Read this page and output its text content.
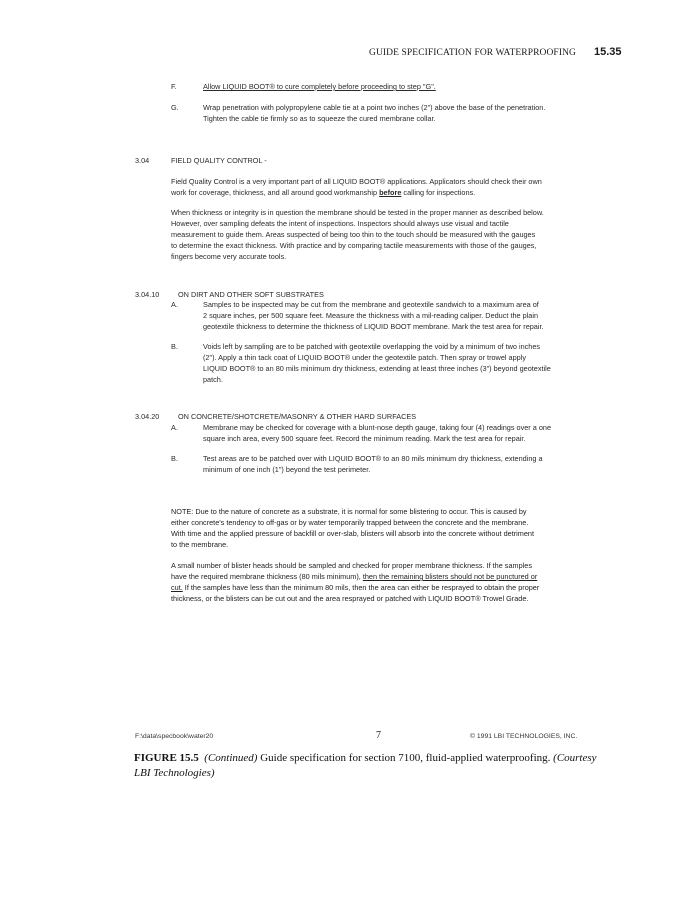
GUIDE SPECIFICATION FOR WATERPROOFING 15.35
F.	Allow LIQUID BOOT® to cure completely before proceeding to step "G".
G.	Wrap penetration with polypropylene cable tie at a point two inches (2") above the base of the penetration.
Tighten the cable tie firmly so as to squeeze the cured membrane collar.
3.04	FIELD QUALITY CONTROL -
Field Quality Control is a very important part of all LIQUID BOOT® applications. Applicators should check their own
work for coverage, thickness, and all around good workmanship before calling for inspections.
When thickness or integrity is in question the membrane should be tested in the proper manner as described below.
However, over sampling defeats the intent of inspections. Inspectors should always use visual and tactile
measurement to guide them. Areas suspected of being too thin to the touch should be measured with the gauges
to determine the exact thickness. With practice and by comparing tactile measurements with those of the gauges,
fingers become very accurate tools.
3.04.10	ON DIRT AND OTHER SOFT SUBSTRATES
A.	Samples to be inspected may be cut from the membrane and geotextile sandwich to a maximum area of
2 square inches, per 500 square feet. Measure the thickness with a mil-reading caliper. Deduct the plain
geotextile thickness to determine the thickness of LIQUID BOOT membrane. Mark the test area for repair.
B.	Voids left by sampling are to be patched with geotextile overlapping the void by a minimum of two inches
(2"). Apply a thin tack coat of LIQUID BOOT® under the geotextile patch. Then spray or trowel apply
LIQUID BOOT® to an 80 mils minimum dry thickness, extending at least three inches (3") beyond geotextile
patch.
3.04.20	ON CONCRETE/SHOTCRETE/MASONRY & OTHER HARD SURFACES
A.	Membrane may be checked for coverage with a blunt-nose depth gauge, taking four (4) readings over a one
square inch area, every 500 square feet. Record the minimum reading. Mark the test area for repair.
B.	Test areas are to be patched over with LIQUID BOOT® to an 80 mils minimum dry thickness, extending a
minimum of one inch (1") beyond the test perimeter.
NOTE: Due to the nature of concrete as a substrate, it is normal for some blistering to occur. This is caused by
either concrete's tendency to off-gas or by water temporarily trapped between the concrete and the membrane.
With time and the applied pressure of backfill or over-slab, blisters will absorb into the concrete without detriment
to the membrane.
A small number of blister heads should be sampled and checked for proper membrane thickness. If the samples
have the required membrane thickness (80 mils minimum), then the remaining blisters should not be punctured or
cut. If the samples have less than the minimum 80 mils, then the area can either be resprayed to obtain the proper
thickness, or the blisters can be cut out and the area resprayed or patched with LIQUID BOOT® Trowel Grade.
F:\data\specbook\water20	7	© 1991 LBI TECHNOLOGIES, INC.
FIGURE 15.5 (Continued) Guide specification for section 7100, fluid-applied waterproofing. (Courtesy
LBI Technologies)
